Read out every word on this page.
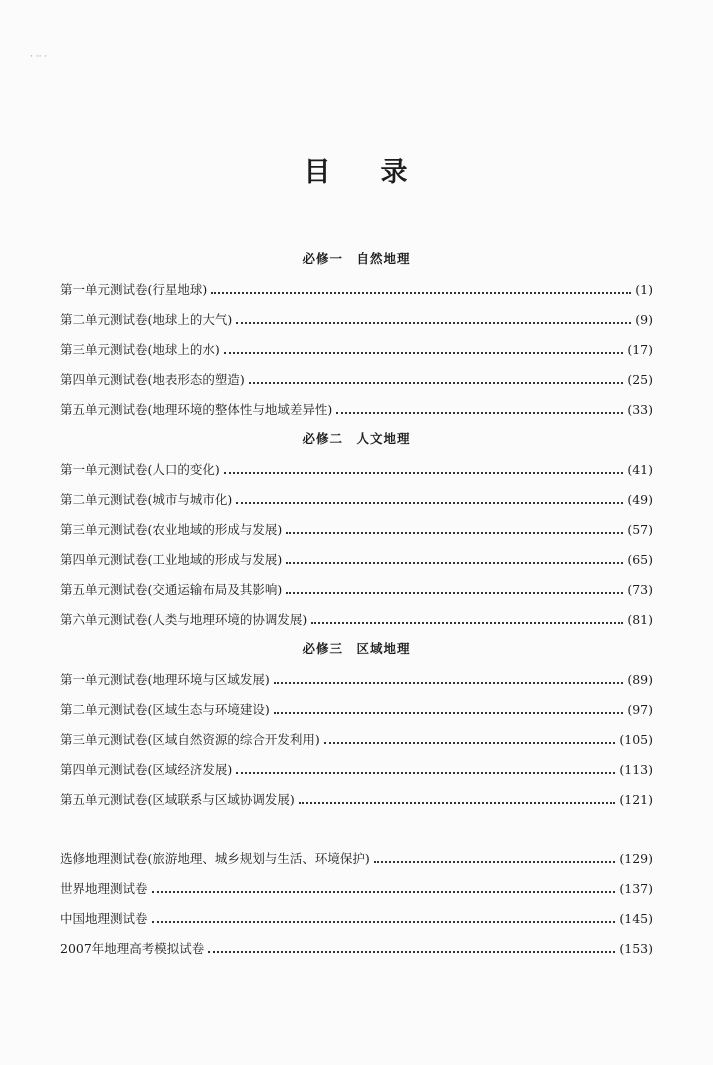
· ·· ·
目 录
必修一　自然地理
第一单元测试卷(行星地球)	(1)
第二单元测试卷(地球上的大气)	(9)
第三单元测试卷(地球上的水)	(17)
第四单元测试卷(地表形态的塑造)	(25)
第五单元测试卷(地理环境的整体性与地域差异性)	(33)
必修二　人文地理
第一单元测试卷(人口的变化)	(41)
第二单元测试卷(城市与城市化)	(49)
第三单元测试卷(农业地域的形成与发展)	(57)
第四单元测试卷(工业地域的形成与发展)	(65)
第五单元测试卷(交通运输布局及其影响)	(73)
第六单元测试卷(人类与地理环境的协调发展)	(81)
必修三　区域地理
第一单元测试卷(地理环境与区域发展)	(89)
第二单元测试卷(区域生态与环境建设)	(97)
第三单元测试卷(区域自然资源的综合开发利用)	(105)
第四单元测试卷(区域经济发展)	(113)
第五单元测试卷(区域联系与区域协调发展)	(121)
选修地理测试卷(旅游地理、城乡规划与生活、环境保护)	(129)
世界地理测试卷	(137)
中国地理测试卷	(145)
2007年地理高考模拟试卷	(153)
